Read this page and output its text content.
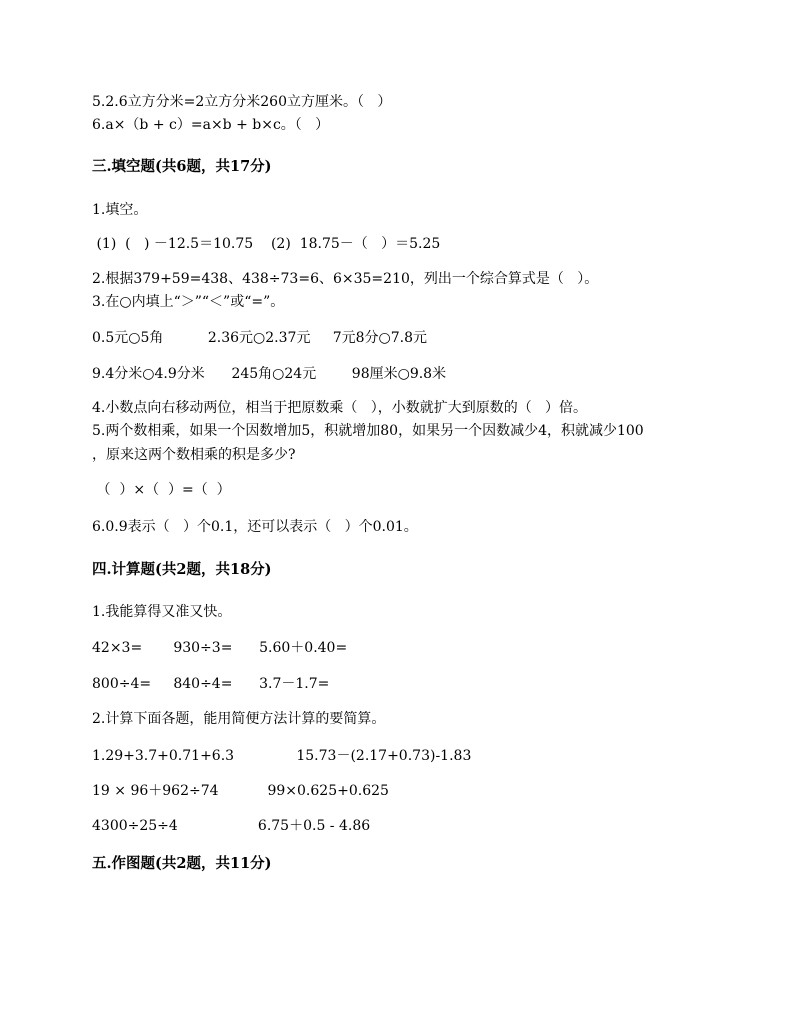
5.2.6立方分米=2立方分米260立方厘米。（   ）
6.a×（b + c）=a×b + b×c。（   ）
三.填空题(共6题，共17分)
1.填空。
(1)  (   ) －12.5＝10.75    (2)  18.75－（   ）＝5.25
2.根据379+59=438、438÷73=6、6×35=210，列出一个综合算式是（   ）。
3.在○内填上“＞”“＜”或“=”。
0.5元○5角          2.36元○2.37元     7元8分○7.8元
9.4分米○4.9分米      245角○24元        98厘米○9.8米
4.小数点向右移动两位，相当于把原数乘（   ），小数就扩大到原数的（   ）倍。
5.两个数相乘，如果一个因数增加5，积就增加80，如果另一个因数减少4，积就减少100
，原来这两个数相乘的积是多少?
（  ）×（  ）=（  ）
6.0.9表示（   ）个0.1，还可以表示（   ）个0.01。
四.计算题(共2题，共18分)
1.我能算得又准又快。
42×3=       930÷3=      5.60＋0.40=
800÷4=     840÷4=      3.7－1.7=
2.计算下面各题，能用简便方法计算的要简算。
1.29+3.7+0.71+6.3              15.73－(2.17+0.73)-1.83
19 × 96＋962÷74           99×0.625+0.625
4300÷25÷4                  6.75＋0.5 - 4.86
五.作图题(共2题，共11分)
